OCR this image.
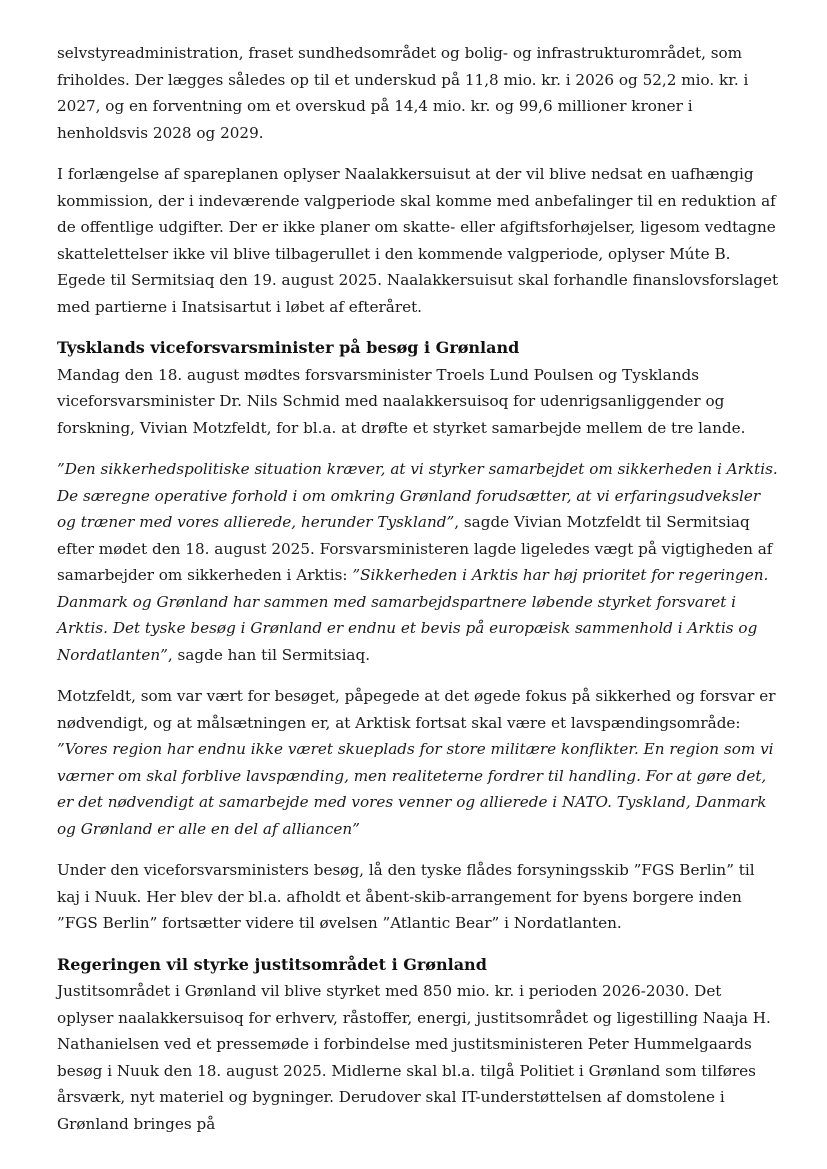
selvstyreadministration, fraset sundhedsområdet og bolig- og infrastrukturområdet, som friholdes. Der lægges således op til et underskud på 11,8 mio. kr. i 2026 og 52,2 mio. kr. i 2027, og en forventning om et overskud på 14,4 mio. kr. og 99,6 millioner kroner i henholdsvis 2028 og 2029.

I forlængelse af spareplanen oplyser Naalakkersuisut at der vil blive nedsat en uafhængig kommission, der i indeværende valgperiode skal komme med anbefalinger til en reduktion af de offentlige udgifter. Der er ikke planer om skatte- eller afgiftsforhøjelser, ligesom vedtagne skattelettelser ikke vil blive tilbagerullet i den kommende valgperiode, oplyser Múte B. Egede til Sermitsiaq den 19. august 2025. Naalakkersuisut skal forhandle finanslovsforslaget med partierne i Inatsisartut i løbet af efteråret.

Tysklands viceforsvarsminister på besøg i Grønland

Mandag den 18. august mødtes forsvarsminister Troels Lund Poulsen og Tysklands viceforsvarsminister Dr. Nils Schmid med naalakkersuisoq for udenrigsanliggender og forskning, Vivian Motzfeldt, for bl.a. at drøfte et styrket samarbejde mellem de tre lande.

”Den sikkerhedspolitiske situation kræver, at vi styrker samarbejdet om sikkerheden i Arktis. De særegne operative forhold i om omkring Grønland forudsætter, at vi erfaringsudveksler og træner med vores allierede, herunder Tyskland”, sagde Vivian Motzfeldt til Sermitsiaq efter mødet den 18. august 2025. Forsvarsministeren lagde ligeledes vægt på vigtigheden af samarbejder om sikkerheden i Arktis: ”Sikkerheden i Arktis har høj prioritet for regeringen. Danmark og Grønland har sammen med samarbejdspartnere løbende styrket forsvaret i Arktis. Det tyske besøg i Grønland er endnu et bevis på europæisk sammenhold i Arktis og Nordatlanten”, sagde han til Sermitsiaq.

Motzfeldt, som var vært for besøget, påpegede at det øgede fokus på sikkerhed og forsvar er nødvendigt, og at målsætningen er, at Arktisk fortsat skal være et lavspændingsområde: ”Vores region har endnu ikke været skueplads for store militære konflikter. En region som vi værner om skal forblive lavspænding, men realiteterne fordrer til handling. For at gøre det, er det nødvendigt at samarbejde med vores venner og allierede i NATO. Tyskland, Danmark og Grønland er alle en del af alliancen”

Under den viceforsvarsministers besøg, lå den tyske flådes forsyningsskib ”FGS Berlin” til kaj i Nuuk. Her blev der bl.a. afholdt et åbent-skib-arrangement for byens borgere inden ”FGS Berlin” fortsætter videre til øvelsen ”Atlantic Bear” i Nordatlanten.

Regeringen vil styrke justitsområdet i Grønland

Justitsområdet i Grønland vil blive styrket med 850 mio. kr. i perioden 2026-2030. Det oplyser naalakkersuisoq for erhverv, råstoffer, energi, justitsområdet og ligestilling Naaja H. Nathanielsen ved et pressemøde i forbindelse med justitsministeren Peter Hummelgaards besøg i Nuuk den 18. august 2025. Midlerne skal bl.a. tilgå Politiet i Grønland som tilføres årsværk, nyt materiel og bygninger. Derudover skal IT-understøttelsen af domstolene i Grønland bringes på
